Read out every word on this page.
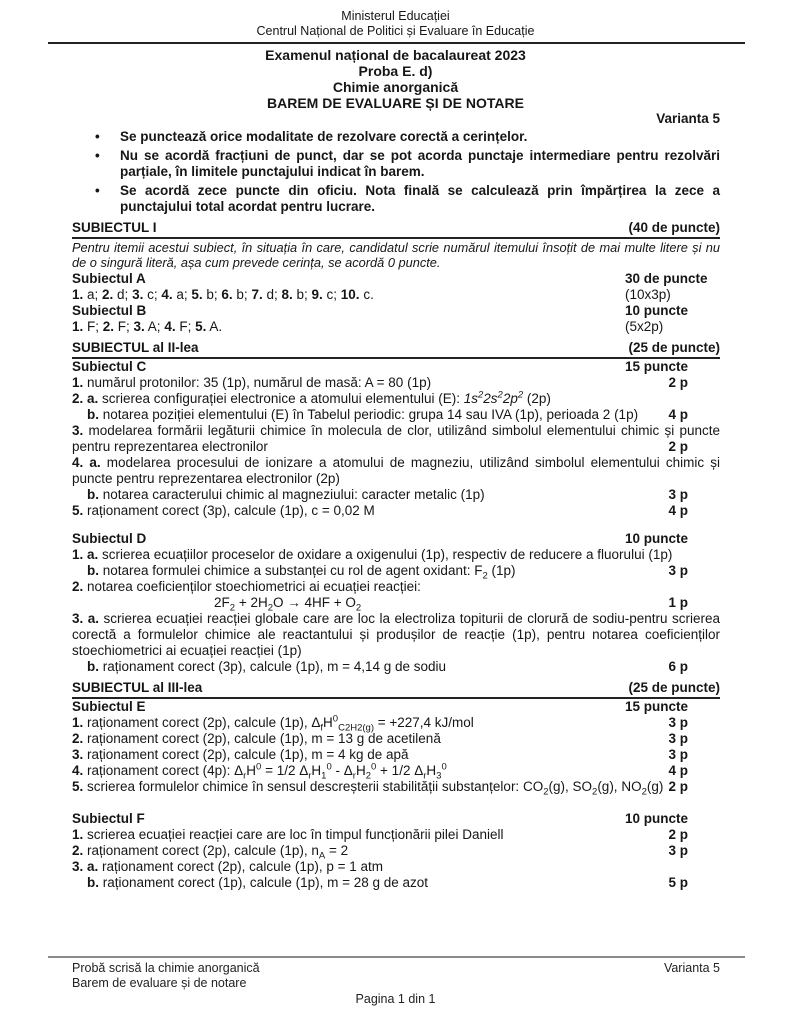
Ministerul Educației
Centrul Național de Politici și Evaluare în Educație
Examenul național de bacalaureat 2023
Proba E. d)
Chimie anorganică
BAREM DE EVALUARE ȘI DE NOTARE
Varianta 5
• Se punctează orice modalitate de rezolvare corectă a cerințelor.
• Nu se acordă fracțiuni de punct, dar se pot acorda punctaje intermediare pentru rezolvări parțiale, în limitele punctajului indicat în barem.
• Se acordă zece puncte din oficiu. Nota finală se calculează prin împărțirea la zece a punctajului total acordat pentru lucrare.
SUBIECTUL I	(40 de puncte)
Pentru itemii acestui subiect, în situația în care, candidatul scrie numărul itemului însoțit de mai multe litere și nu de o singură literă, așa cum prevede cerința, se acordă 0 puncte.
Subiectul A	30 de puncte
1. a; 2. d; 3. c; 4. a; 5. b; 6. b; 7. d; 8. b; 9. c; 10. c.	(10x3p)
Subiectul B	10 puncte
1. F; 2. F; 3. A; 4. F; 5. A.	(5x2p)
SUBIECTUL al II-lea	(25 de puncte)
Subiectul C	15 puncte
1. numărul protonilor: 35 (1p), numărul de masă: A = 80 (1p)	2 p
2. a. scrierea configurației electronice a atomului elementului (E): $1s^22s^22p^2$ (2p)
b. notarea poziției elementului (E) în Tabelul periodic: grupa 14 sau IVA (1p), perioada 2 (1p)	4 p
3. modelarea formării legăturii chimice în molecula de clor, utilizând simbolul elementului chimic și puncte pentru reprezentarea electronilor	2 p
4. a. modelarea procesului de ionizare a atomului de magneziu, utilizând simbolul elementului chimic și puncte pentru reprezentarea electronilor (2p)
b. notarea caracterului chimic al magneziului: caracter metalic (1p)	3 p
5. raționament corect (3p), calcule (1p), c = 0,02 M	4 p
Subiectul D	10 puncte
1. a. scrierea ecuațiilor proceselor de oxidare a oxigenului (1p), respectiv de reducere a fluorului (1p)
b. notarea formulei chimice a substanței cu rol de agent oxidant: $F_2$ (1p)	3 p
2. notarea coeficienților stoechiometrici ai ecuației reacției:
$2F_2 + 2H_2O \to 4HF + O_2$	1 p
3. a. scrierea ecuației reacției globale care are loc la electroliza topiturii de clorură de sodiu-pentru scrierea corectă a formulelor chimice ale reactantului și produșilor de reacție (1p), pentru notarea coeficienților stoechiometrici ai ecuației reacției (1p)
b. raționament corect (3p), calcule (1p), m = 4,14 g de sodiu	6 p
SUBIECTUL al III-lea	(25 de puncte)
Subiectul E	15 puncte
1. raționament corect (2p), calcule (1p), $\Delta_fH^0_{C2H2(g)} = +227,4$ kJ/mol	3 p
2. raționament corect (2p), calcule (1p), m = 13 g de acetilenă	3 p
3. raționament corect (2p), calcule (1p), m = 4 kg de apă	3 p
4. raționament corect (4p): $\Delta_rH^0 = 1/2$ $\Delta_rH_1^0 - \Delta_rH_2^0 + 1/2$ $\Delta_rH_3^0$	4 p
5. scrierea formulelor chimice în sensul descreșterii stabilității substanțelor: $CO_2(g)$, $SO_2(g)$, $NO_2(g)$ 2 p
Subiectul F	10 puncte
1. scrierea ecuației reacției care are loc în timpul funcționării pilei Daniell	2 p
2. raționament corect (2p), calcule (1p), $n_A = 2$	3 p
3. a. raționament corect (2p), calcule (1p), p = 1 atm
b. raționament corect (1p), calcule (1p), m = 28 g de azot	5 p
Probă scrisă la chimie anorganică
Barem de evaluare și de notare
Varianta 5
Pagina 1 din 1
